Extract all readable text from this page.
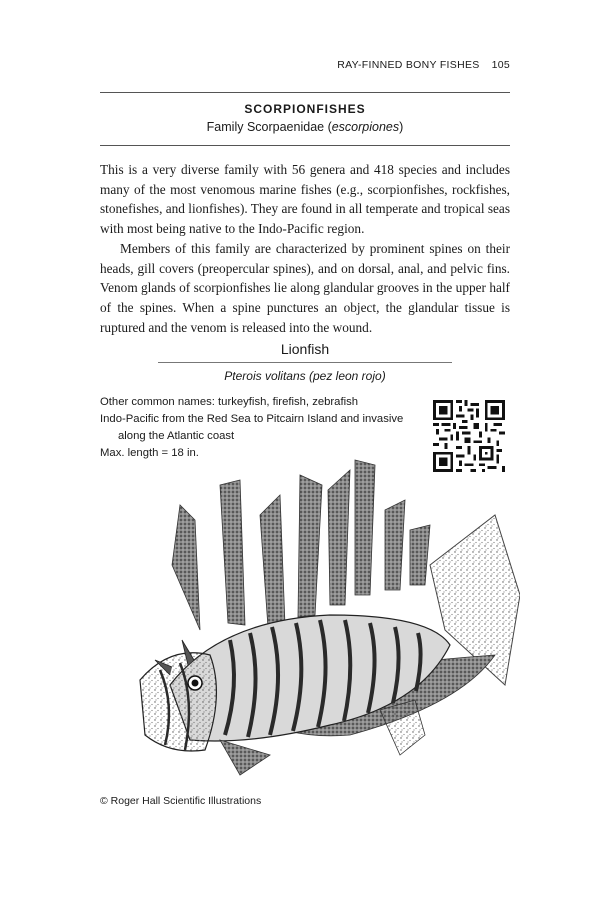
RAY-FINNED BONY FISHES 105
SCORPIONFISHES
Family Scorpaenidae (escorpiones)

This is a very diverse family with 56 genera and 418 species and includes many of the most venomous marine fishes (e.g., scorpionfishes, rockfishes, stonefishes, and lionfishes). They are found in all temperate and tropical seas with most being native to the Indo-Pacific region.

Members of this family are characterized by prominent spines on their heads, gill covers (preopercular spines), and on dorsal, anal, and pelvic fins. Venom glands of scorpionfishes lie along glandular grooves in the upper half of the spines. When a spine punctures an object, the glandular tissue is ruptured and the venom is released into the wound.

Lionfish
Pterois volitans (pez leon rojo)
Other common names: turkeyfish, firefish, zebrafish
Indo-Pacific from the Red Sea to Pitcairn Island and invasive along the Atlantic coast
Max. length = 18 in.
© Roger Hall Scientific Illustrations
